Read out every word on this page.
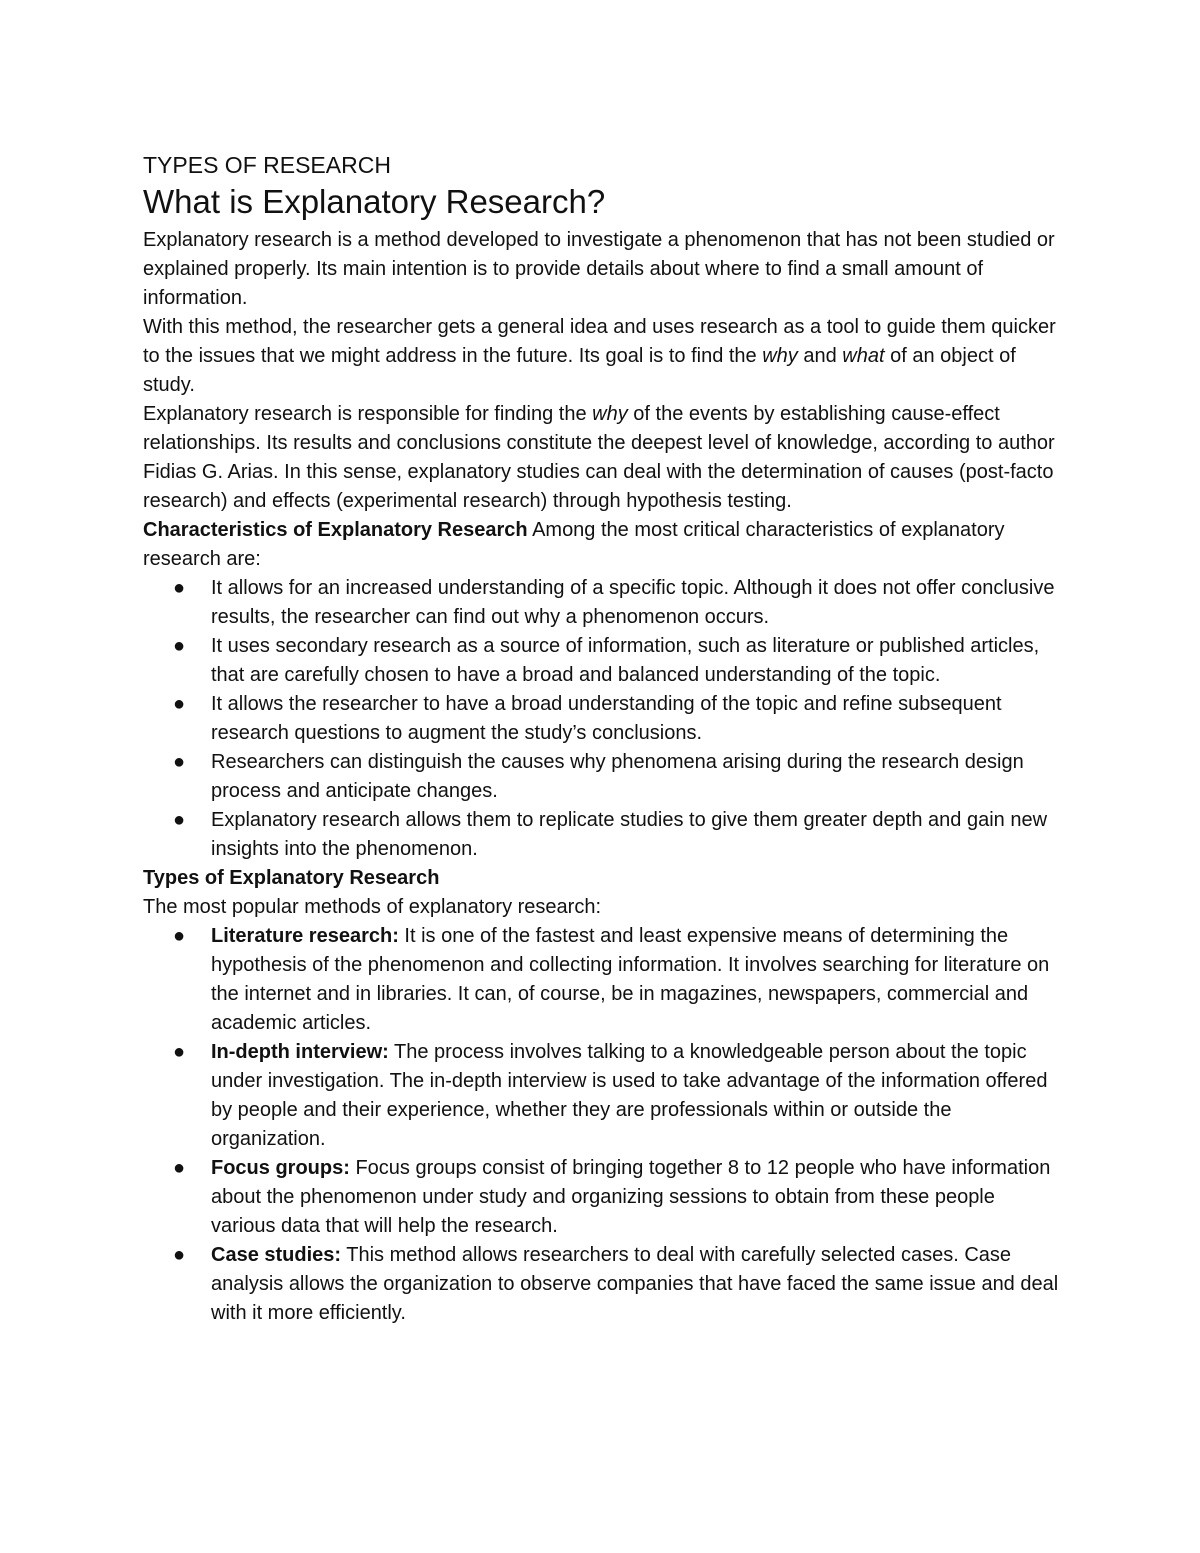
TYPES OF RESEARCH
What is Explanatory Research?

Explanatory research is a method developed to investigate a phenomenon that has not been studied or explained properly. Its main intention is to provide details about where to find a small amount of information.

With this method, the researcher gets a general idea and uses research as a tool to guide them quicker to the issues that we might address in the future. Its goal is to find the why and what of an object of study.

Explanatory research is responsible for finding the why of the events by establishing cause-effect relationships. Its results and conclusions constitute the deepest level of knowledge, according to author Fidias G. Arias. In this sense, explanatory studies can deal with the determination of causes (post-facto research) and effects (experimental research) through hypothesis testing.

Characteristics of Explanatory Research Among the most critical characteristics of explanatory research are:

● It allows for an increased understanding of a specific topic. Although it does not offer conclusive results, the researcher can find out why a phenomenon occurs.
● It uses secondary research as a source of information, such as literature or published articles, that are carefully chosen to have a broad and balanced understanding of the topic.
● It allows the researcher to have a broad understanding of the topic and refine subsequent research questions to augment the study’s conclusions.
● Researchers can distinguish the causes why phenomena arising during the research design process and anticipate changes.
● Explanatory research allows them to replicate studies to give them greater depth and gain new insights into the phenomenon.

Types of Explanatory Research

The most popular methods of explanatory research:

● Literature research: It is one of the fastest and least expensive means of determining the hypothesis of the phenomenon and collecting information. It involves searching for literature on the internet and in libraries. It can, of course, be in magazines, newspapers, commercial and academic articles.
● In-depth interview: The process involves talking to a knowledgeable person about the topic under investigation. The in-depth interview is used to take advantage of the information offered by people and their experience, whether they are professionals within or outside the organization.
● Focus groups: Focus groups consist of bringing together 8 to 12 people who have information about the phenomenon under study and organizing sessions to obtain from these people various data that will help the research.
● Case studies: This method allows researchers to deal with carefully selected cases. Case analysis allows the organization to observe companies that have faced the same issue and deal with it more efficiently.
